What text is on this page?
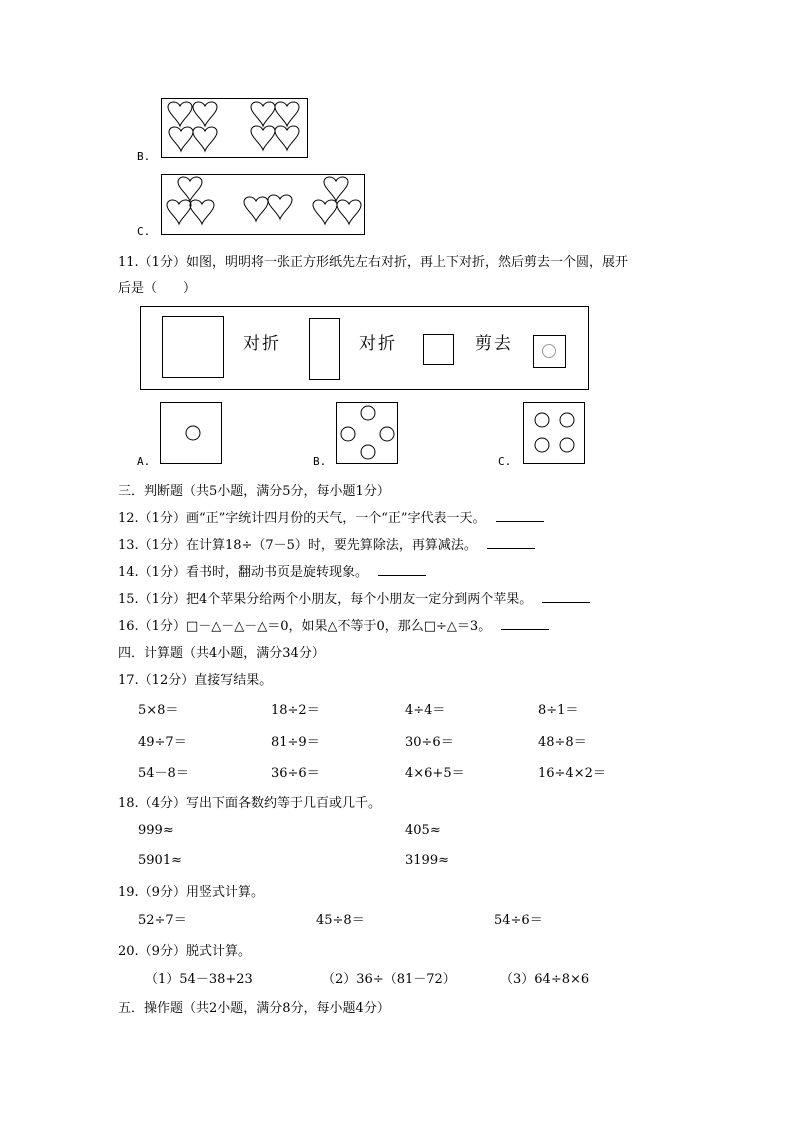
B.
C.
11.（1分）如图，明明将一张正方形纸先左右对折，再上下对折，然后剪去一个圆，展开
后是（　　）
对折	对折	剪去
A.	B.	C.
三．判断题（共5小题，满分5分，每小题1分）
12.（1分）画“正”字统计四月份的天气，一个“正”字代表一天。
13.（1分）在计算18÷（7－5）时，要先算除法，再算减法。
14.（1分）看书时，翻动书页是旋转现象。
15.（1分）把4个苹果分给两个小朋友，每个小朋友一定分到两个苹果。
16.（1分）□－△－△－△＝0，如果△不等于0，那么□÷△＝3。
四．计算题（共4小题，满分34分）
17.（12分）直接写结果。
5×8＝	18÷2＝	4÷4＝	8÷1＝
49÷7＝	81÷9＝	30÷6＝	48÷8＝
54－8＝	36÷6＝	4×6+5＝	16÷4×2＝
18.（4分）写出下面各数约等于几百或几千。
999≈	405≈
5901≈	3199≈
19.（9分）用竖式计算。
52÷7＝	45÷8＝	54÷6＝
20.（9分）脱式计算。
（1）54－38+23	（2）36÷（81－72）	（3）64÷8×6
五．操作题（共2小题，满分8分，每小题4分）
